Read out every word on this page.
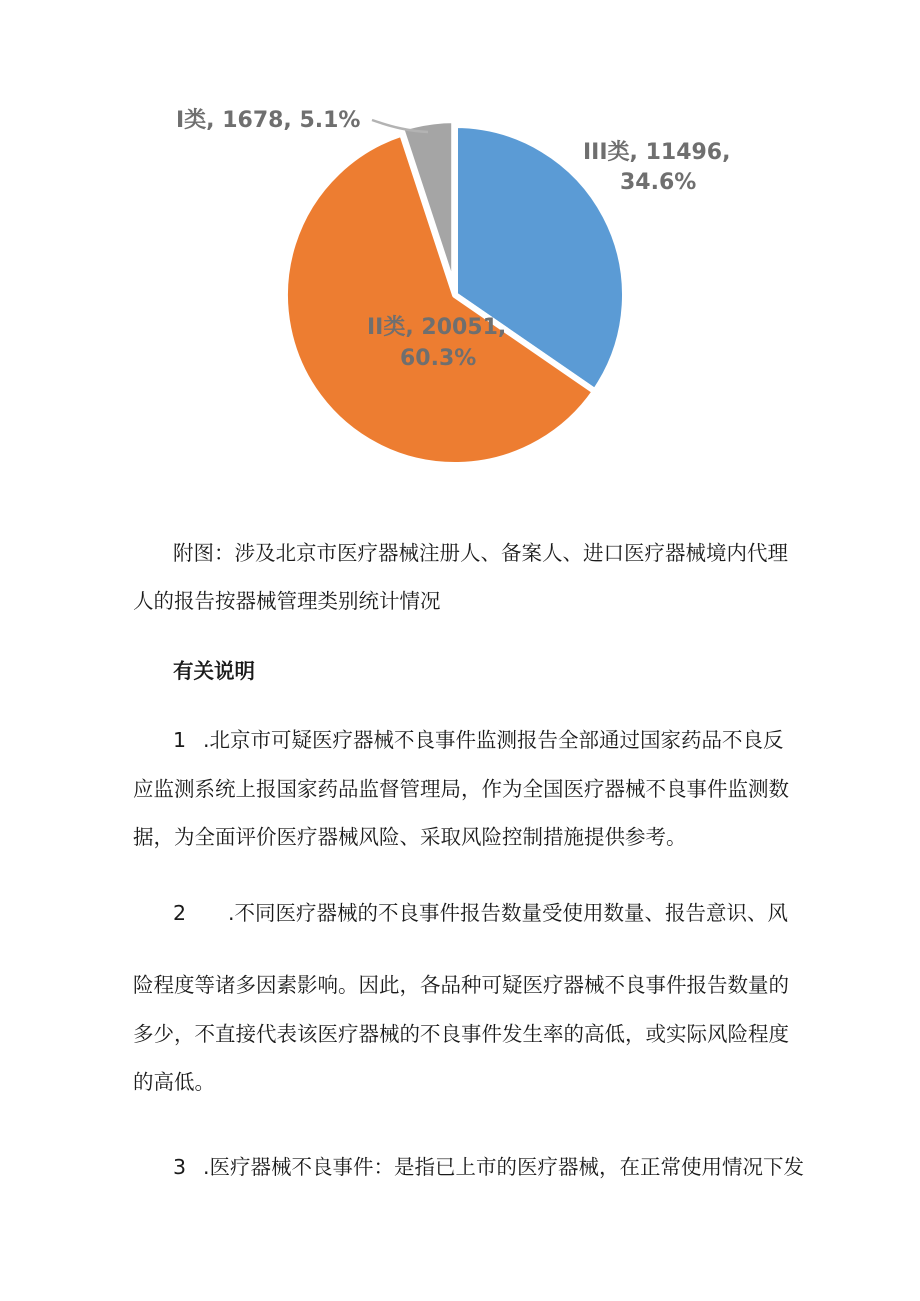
I类, 1678, 5.1%
III类, 11496,
34.6%
II类, 20051,
60.3%
附图：涉及北京市医疗器械注册人、备案人、进口医疗器械境内代理
人的报告按器械管理类别统计情况
有关说明
1 .北京市可疑医疗器械不良事件监测报告全部通过国家药品不良反
应监测系统上报国家药品监督管理局，作为全国医疗器械不良事件监测数
据，为全面评价医疗器械风险、采取风险控制措施提供参考。
2 .不同医疗器械的不良事件报告数量受使用数量、报告意识、风
险程度等诸多因素影响。因此，各品种可疑医疗器械不良事件报告数量的
多少，不直接代表该医疗器械的不良事件发生率的高低，或实际风险程度
的高低。
3 .医疗器械不良事件：是指已上市的医疗器械，在正常使用情况下发
